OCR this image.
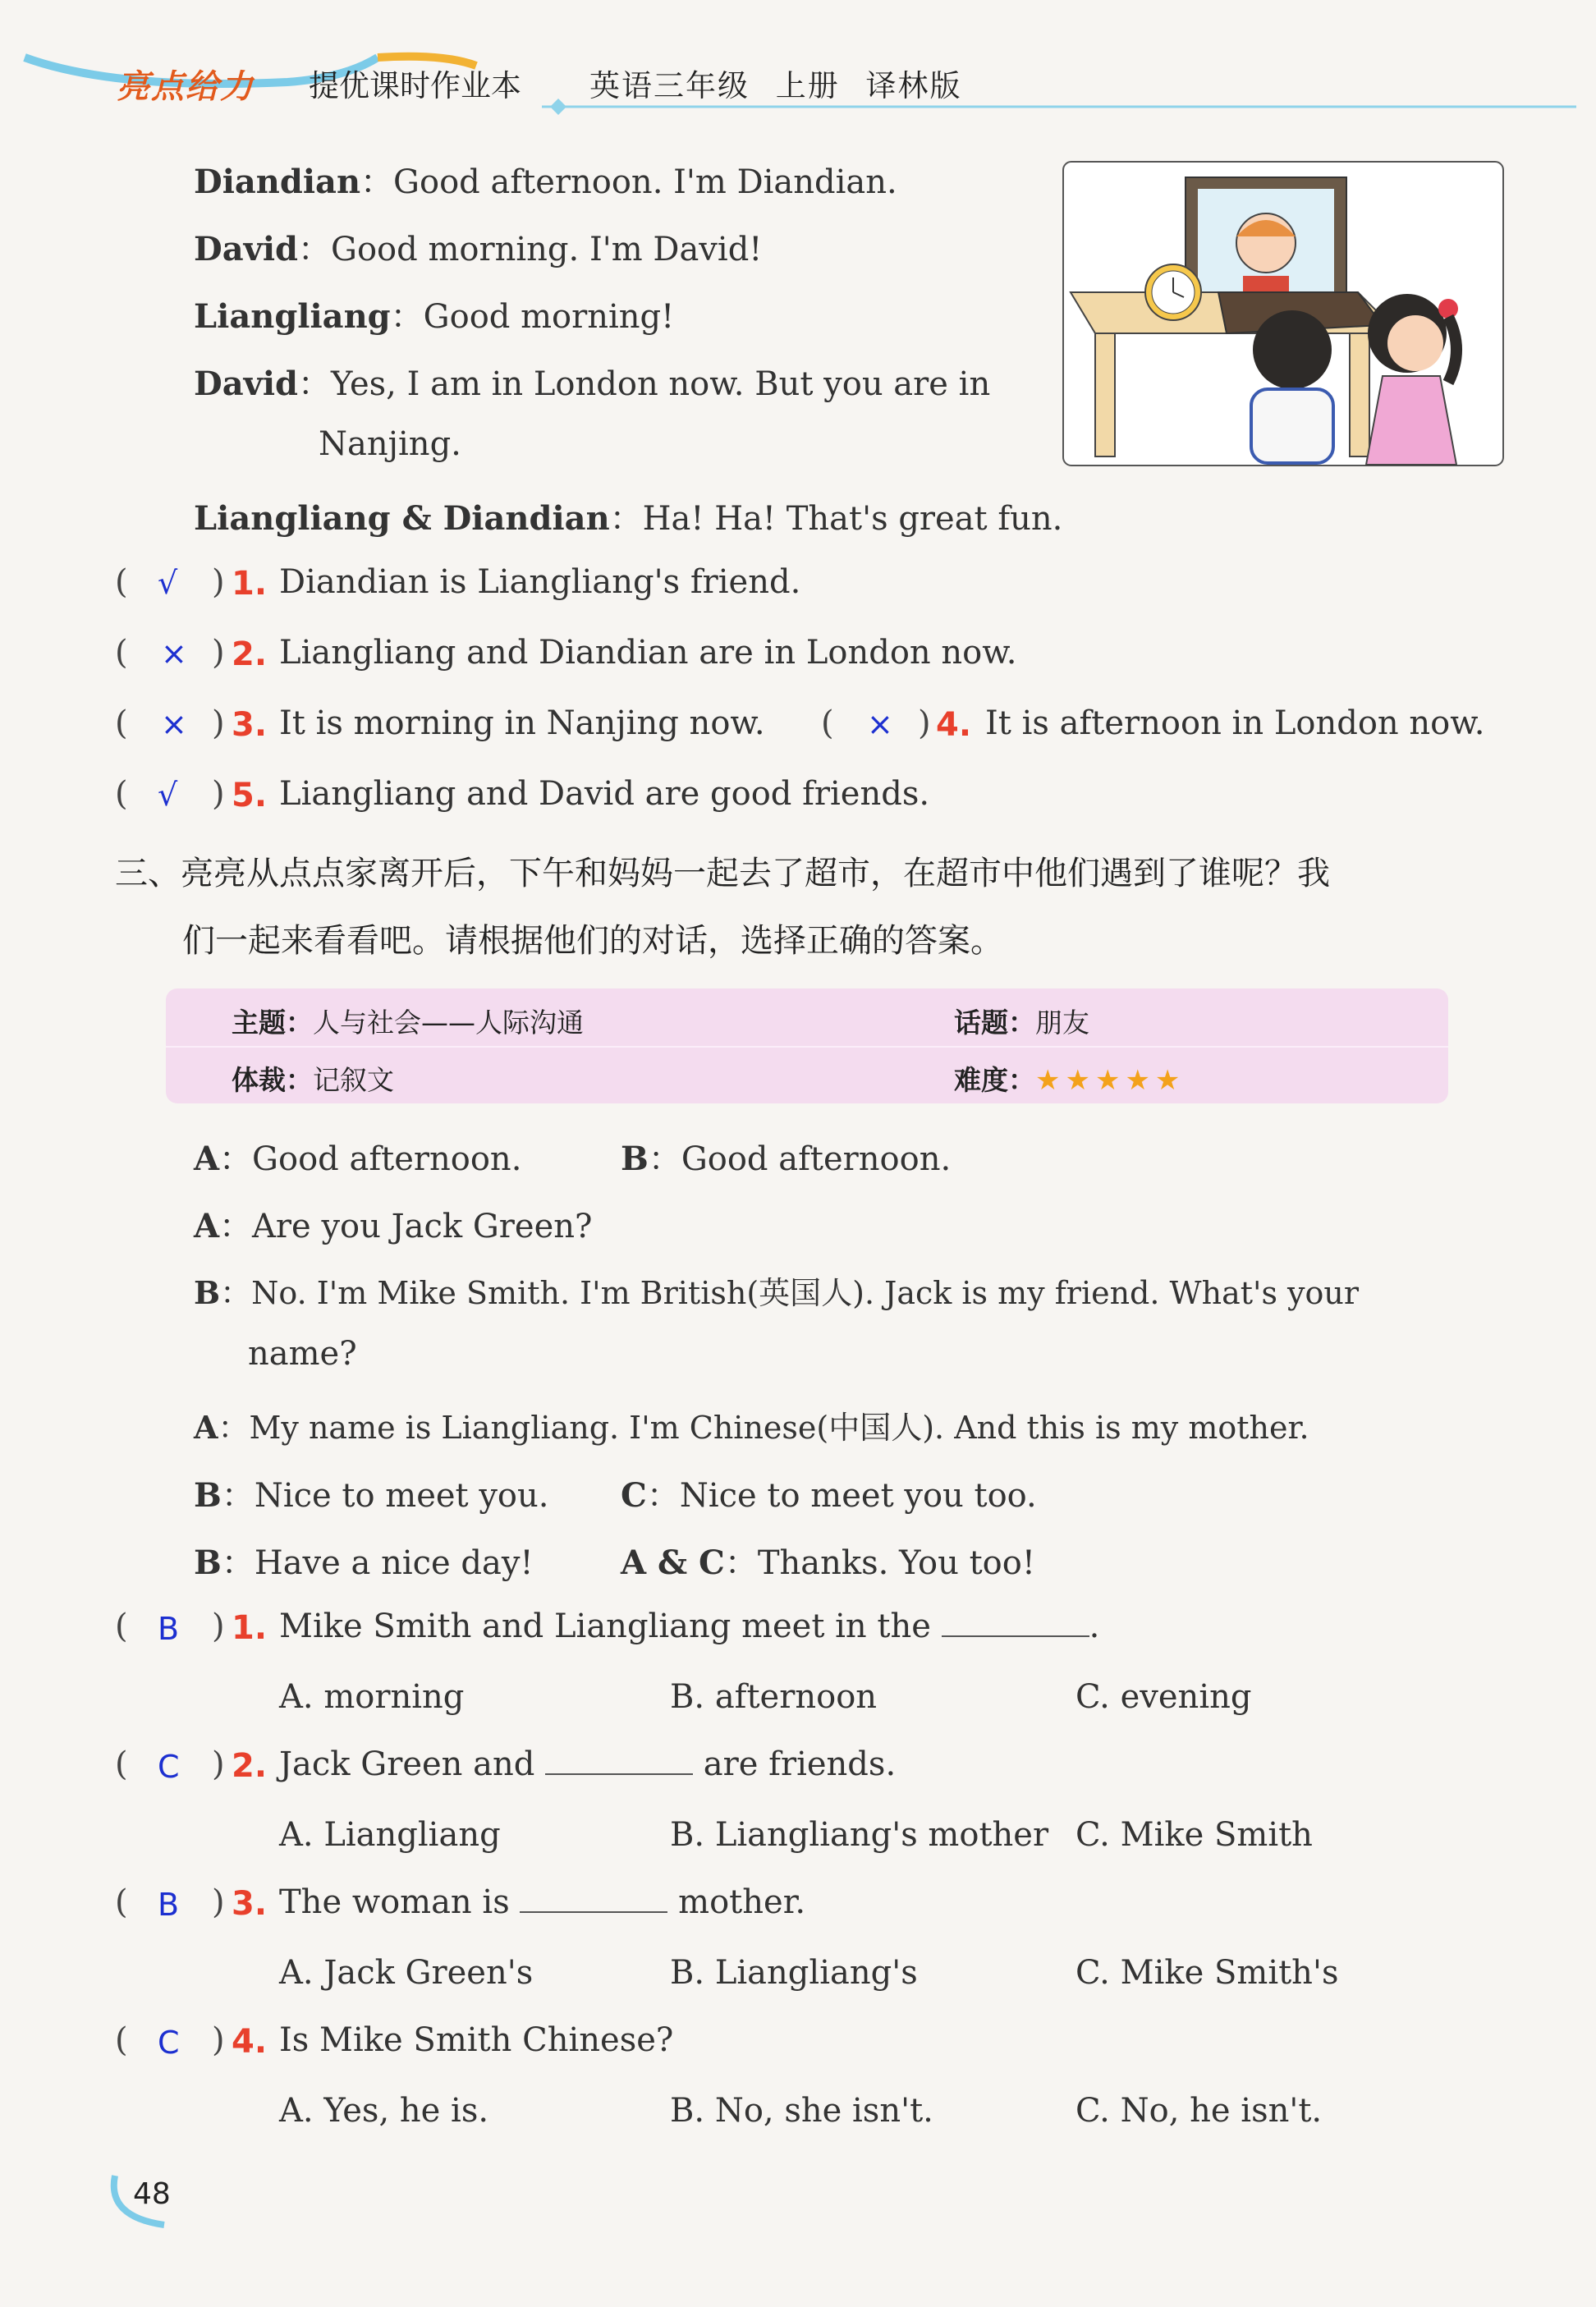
亮点给力 提优课时作业本 英语三年级 上册 译林版
Diandian：Good afternoon. I'm Diandian.
David：Good morning. I'm David!
Liangliang：Good morning!
David：Yes, I am in London now. But you are in
Nanjing.
Liangliang & Diandian：Ha! Ha! That's great fun.
( √ ) 1. Diandian is Liangliang's friend.
( × ) 2. Liangliang and Diandian are in London now.
( × ) 3. It is morning in Nanjing now. ( × ) 4. It is afternoon in London now.
( √ ) 5. Liangliang and David are good friends.
三、亮亮从点点家离开后，下午和妈妈一起去了超市，在超市中他们遇到了谁呢？我
们一起来看看吧。请根据他们的对话，选择正确的答案。
主题：人与社会——人际沟通	话题：朋友
体裁：记叙文	难度：★★★★★
A：Good afternoon.	B：Good afternoon.
A：Are you Jack Green?
B：No. I'm Mike Smith. I'm British(英国人). Jack is my friend. What's your
name?
A：My name is Liangliang. I'm Chinese(中国人). And this is my mother.
B：Nice to meet you. C：Nice to meet you too.
B：Have a nice day!	A & C：Thanks. You too!
( B ) 1. Mike Smith and Liangliang meet in the	.
A. morning	B. afternoon	C. evening
( C ) 2. Jack Green and	are friends.
A. Liangliang	B. Liangliang's mother C. Mike Smith
( B ) 3. The woman is	mother.
A. Jack Green's	B. Liangliang's	C. Mike Smith's
( C ) 4. Is Mike Smith Chinese?
A. Yes, he is.	B. No, she isn't.	C. No, he isn't.
48
